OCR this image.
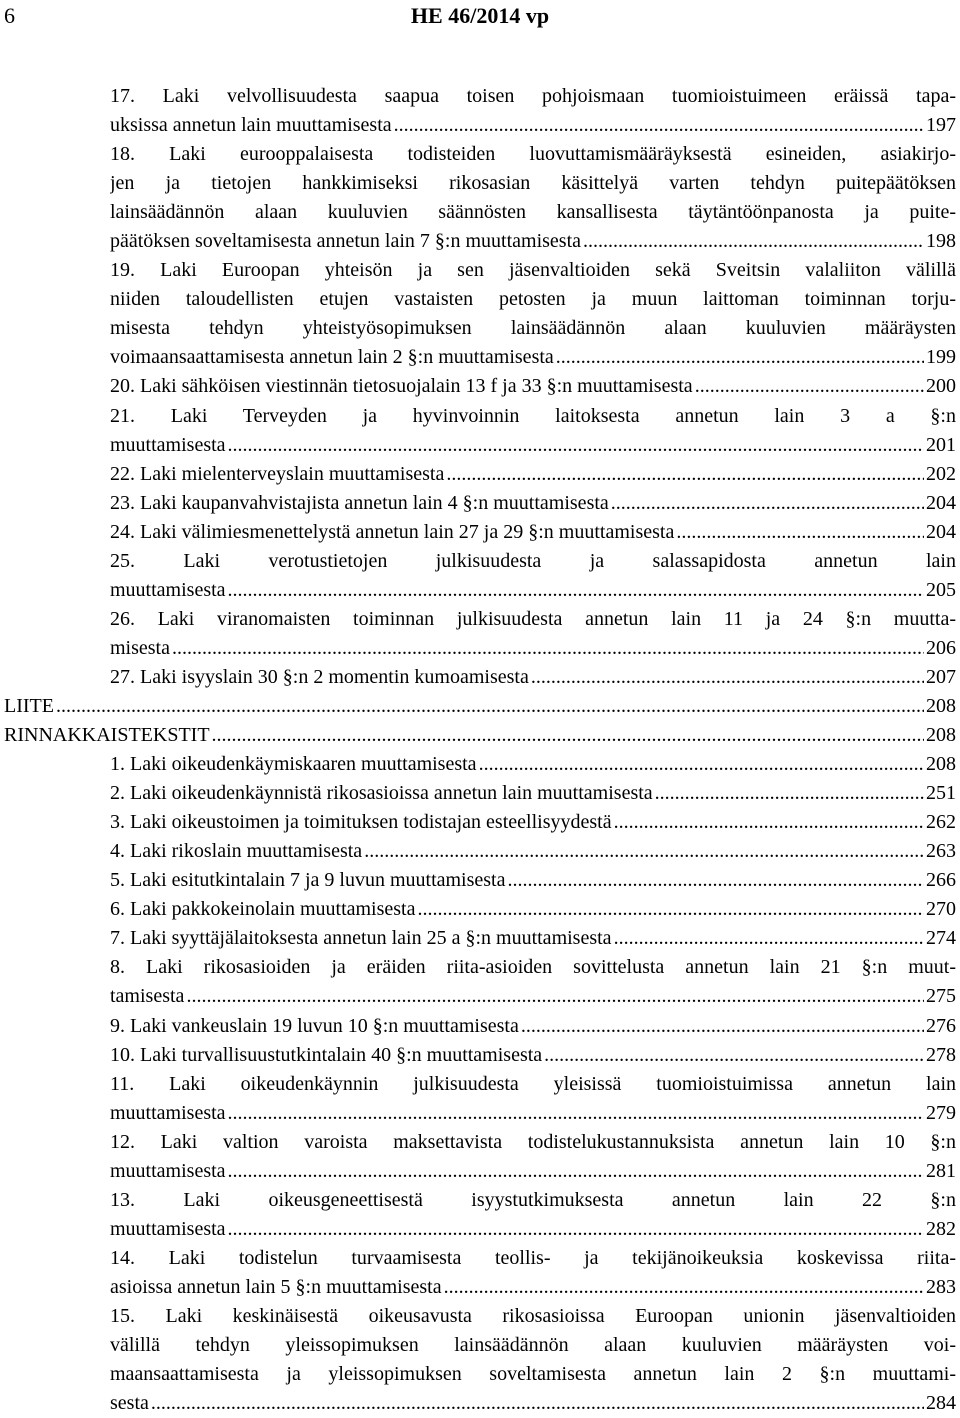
6	HE 46/2014 vp
17. Laki velvollisuudesta saapua toisen pohjoismaan tuomioistuimeen eräissä tapa-
uksissa annetun lain muuttamisesta .....	197
18. Laki eurooppalaisesta todisteiden luovuttamismääräyksestä esineiden, asiakirjo-
jen ja tietojen hankkimiseksi rikosasian käsittelyä varten tehdyn puitepäätöksen
lainsäädännön alaan kuuluvien säännösten kansallisesta täytäntöönpanosta ja puite-
päätöksen soveltamisesta annetun lain 7 §:n muuttamisesta .....	198
19. Laki Euroopan yhteisön ja sen jäsenvaltioiden sekä Sveitsin valaliiton välillä
niiden taloudellisten etujen vastaisten petosten ja muun laittoman toiminnan torju-
misesta tehdyn yhteistyösopimuksen lainsäädännön alaan kuuluvien määräysten
voimaansaattamisesta annetun lain 2 §:n muuttamisesta .....	199
20. Laki sähköisen viestinnän tietosuojalain 13 f ja 33 §:n muuttamisesta .....	200
21. Laki Terveyden ja hyvinvoinnin laitoksesta annetun lain 3 a §:n
muuttamisesta .....	201
22. Laki mielenterveyslain muuttamisesta .....	202
23. Laki kaupanvahvistajista annetun lain 4 §:n muuttamisesta .....	204
24. Laki välimiesmenettelystä annetun lain 27 ja 29 §:n muuttamisesta .....	204
25. Laki verotustietojen julkisuudesta ja salassapidosta annetun lain
muuttamisesta .....	205
26. Laki viranomaisten toiminnan julkisuudesta annetun lain 11 ja 24 §:n muutta-
misesta .....	206
27. Laki isyyslain 30 §:n 2 momentin kumoamisesta .....	207
LIITE .....	208
RINNAKKAISTEKSTIT .....	208
1. Laki oikeudenkäymiskaaren muuttamisesta .....	208
2. Laki oikeudenkäynnistä rikosasioissa annetun lain muuttamisesta .....	251
3. Laki oikeustoimen ja toimituksen todistajan esteellisyydestä .....	262
4. Laki rikoslain muuttamisesta .....	263
5. Laki esitutkintalain 7 ja 9 luvun muuttamisesta .....	266
6. Laki pakkokeinolain muuttamisesta .....	270
7. Laki syyttäjälaitoksesta annetun lain 25 a §:n muuttamisesta .....	274
8. Laki rikosasioiden ja eräiden riita-asioiden sovittelusta annetun lain 21 §:n muut-
tamisesta .....	275
9. Laki vankeuslain 19 luvun 10 §:n muuttamisesta .....	276
10. Laki turvallisuustutkintalain 40 §:n muuttamisesta .....	278
11. Laki oikeudenkäynnin julkisuudesta yleisissä tuomioistuimissa annetun lain
muuttamisesta .....	279
12. Laki valtion varoista maksettavista todistelukustannuksista annetun lain 10 §:n
muuttamisesta .....	281
13. Laki oikeusgeneettisestä isyystutkimuksesta annetun lain 22 §:n
muuttamisesta .....	282
14. Laki todistelun turvaamisesta teollis- ja tekijänoikeuksia koskevissa riita-
asioissa annetun lain 5 §:n muuttamisesta .....	283
15. Laki keskinäisestä oikeusavusta rikosasioissa Euroopan unionin jäsenvaltioiden
välillä tehdyn yleissopimuksen lainsäädännön alaan kuuluvien määräysten voi-
maansaattamisesta ja yleissopimuksen soveltamisesta annetun lain 2 §:n muuttami-
sesta .....	284
